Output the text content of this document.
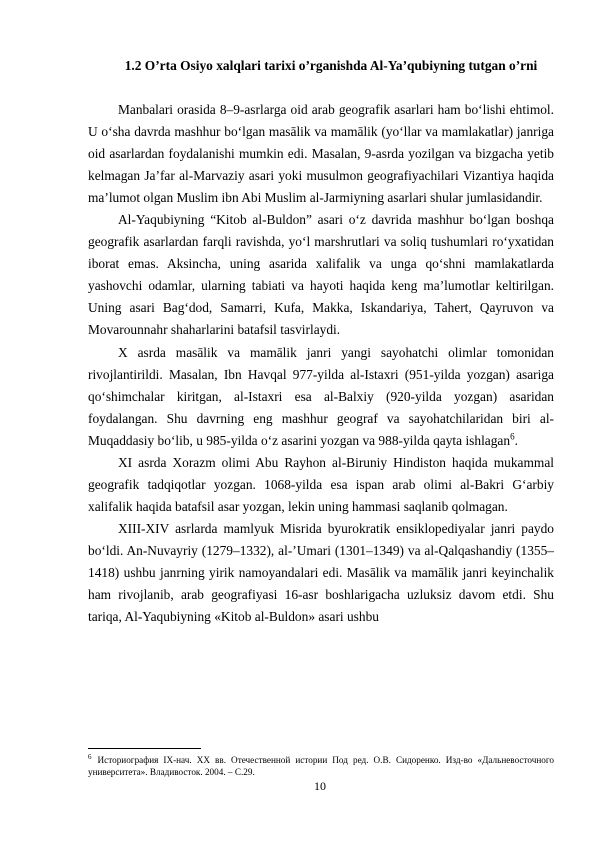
1.2 O’rta Osiyo xalqlari tarixi o’rganishda Al-Ya’qubiyning tutgan o’rni

Manbalari orasida 8–9-asrlarga oid arab geografik asarlari ham bo‘lishi ehtimol. U o‘sha davrda mashhur bo‘lgan masālik va mamālik (yo‘llar va mamlakatlar) janriga oid asarlardan foydalanishi mumkin edi. Masalan, 9-asrda yozilgan va bizgacha yetib kelmagan Ja’far al-Marvaziy asari yoki musulmon geografiyachilari Vizantiya haqida ma’lumot olgan Muslim ibn Abi Muslim al-Jarmiyning asarlari shular jumlasidandir.

Al-Yaqubiyning “Kitob al-Buldon” asari o‘z davrida mashhur bo‘lgan boshqa geografik asarlardan farqli ravishda, yo‘l marshrutlari va soliq tushumlari ro‘yxatidan iborat emas. Aksincha, uning asarida xalifalik va unga qo‘shni mamlakatlarda yashovchi odamlar, ularning tabiati va hayoti haqida keng ma’lumotlar keltirilgan. Uning asari Bag‘dod, Samarri, Kufa, Makka, Iskandariya, Tahert, Qayruvon va Movarounnahr shaharlarini batafsil tasvirlaydi.

X asrda masālik va mamālik janri yangi sayohatchi olimlar tomonidan rivojlantirildi. Masalan, Ibn Havqal 977-yilda al-Istaxri (951-yilda yozgan) asariga qo‘shimchalar kiritgan, al-Istaxri esa al-Balxiy (920-yilda yozgan) asaridan foydalangan. Shu davrning eng mashhur geograf va sayohatchilaridan biri al-Muqaddasiy bo‘lib, u 985-yilda o‘z asarini yozgan va 988-yilda qayta ishlagan$^6$.

XI asrda Xorazm olimi Abu Rayhon al-Biruniy Hindiston haqida mukammal geografik tadqiqotlar yozgan. 1068-yilda esa ispan arab olimi al-Bakri G‘arbiy xalifalik haqida batafsil asar yozgan, lekin uning hammasi saqlanib qolmagan.

XIII-XIV asrlarda mamlyuk Misrida byurokratik ensiklopediyalar janri paydo bo‘ldi. An-Nuvayriy (1279–1332), al-’Umari (1301–1349) va al-Qalqashandiy (1355–1418) ushbu janrning yirik namoyandalari edi. Masālik va mamālik janri keyinchalik ham rivojlanib, arab geografiyasi 16-asr boshlarigacha uzluksiz davom etdi. Shu tariqa, Al-Yaqubiyning «Kitob al-Buldon» asari ushbu

$^6$ Историография IX-нач. XX вв. Отечественной истории Под ред. О.В. Сидоренко. Изд-во «Дальневосточного университета». Владивосток. 2004. – С.29.

10
